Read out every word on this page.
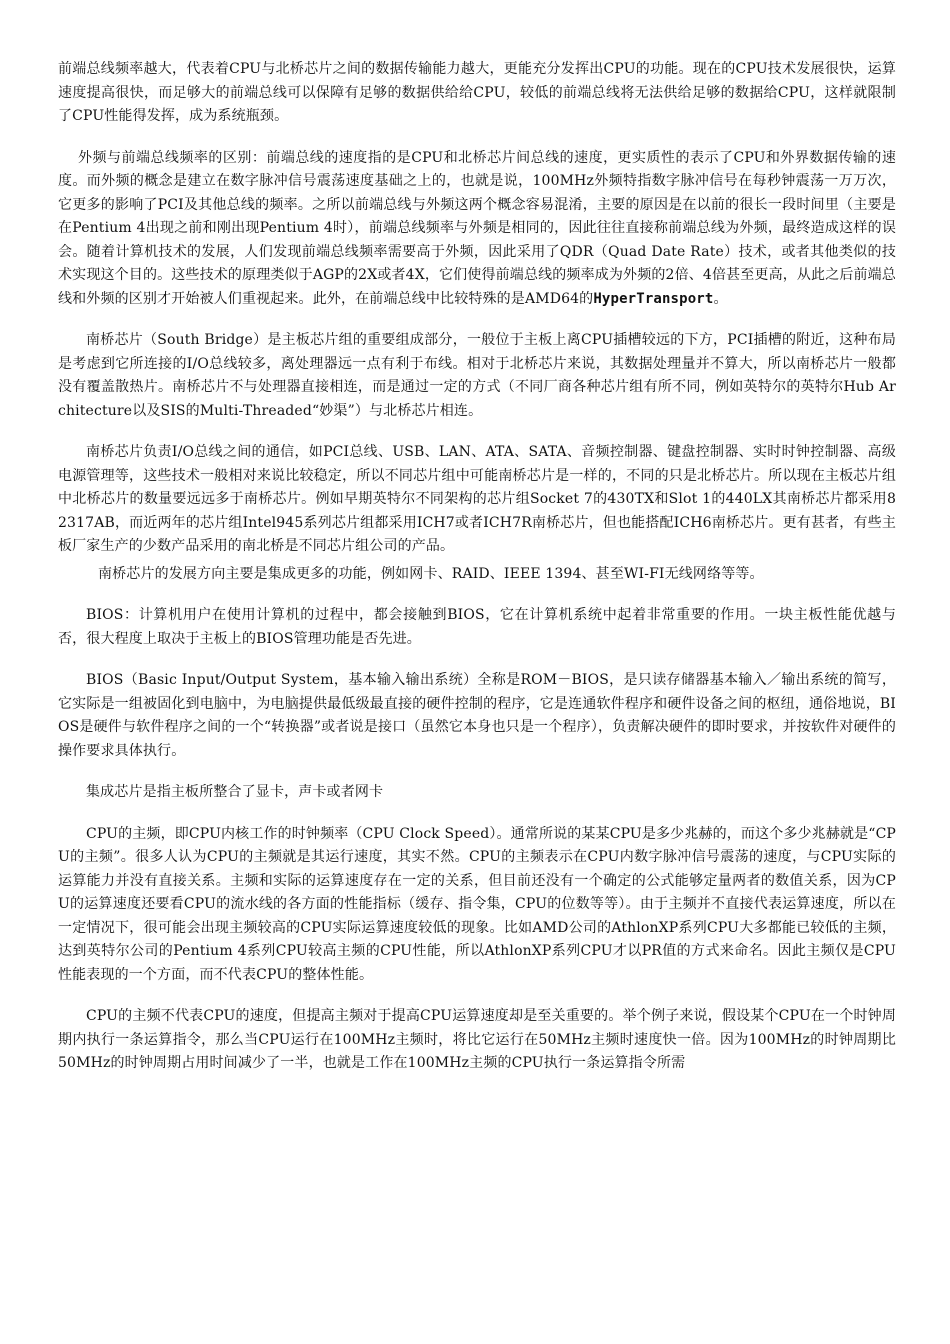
前端总线频率越大，代表着CPU与北桥芯片之间的数据传输能力越大，更能充分发挥出CPU的功能。现在的CPU技术发展很快，运算速度提高很快，而足够大的前端总线可以保障有足够的数据供给给CPU，较低的前端总线将无法供给足够的数据给CPU，这样就限制了CPU性能得发挥，成为系统瓶颈。

外频与前端总线频率的区别：前端总线的速度指的是CPU和北桥芯片间总线的速度，更实质性的表示了CPU和外界数据传输的速度。而外频的概念是建立在数字脉冲信号震荡速度基础之上的，也就是说，100MHz外频特指数字脉冲信号在每秒钟震荡一万万次，它更多的影响了PCI及其他总线的频率。之所以前端总线与外频这两个概念容易混淆，主要的原因是在以前的很长一段时间里（主要是在Pentium 4出现之前和刚出现Pentium 4时），前端总线频率与外频是相同的，因此往往直接称前端总线为外频，最终造成这样的误会。随着计算机技术的发展，人们发现前端总线频率需要高于外频，因此采用了QDR（Quad Date Rate）技术，或者其他类似的技术实现这个目的。这些技术的原理类似于AGP的2X或者4X，它们使得前端总线的频率成为外频的2倍、4倍甚至更高，从此之后前端总线和外频的区别才开始被人们重视起来。此外，在前端总线中比较特殊的是AMD64的HyperTransport。

南桥芯片（South Bridge）是主板芯片组的重要组成部分，一般位于主板上离CPU插槽较远的下方，PCI插槽的附近，这种布局是考虑到它所连接的I/O总线较多，离处理器远一点有利于布线。相对于北桥芯片来说，其数据处理量并不算大，所以南桥芯片一般都没有覆盖散热片。南桥芯片不与处理器直接相连，而是通过一定的方式（不同厂商各种芯片组有所不同，例如英特尔的英特尔Hub Architecture以及SIS的Multi-Threaded“妙渠”）与北桥芯片相连。

南桥芯片负责I/O总线之间的通信，如PCI总线、USB、LAN、ATA、SATA、音频控制器、键盘控制器、实时时钟控制器、高级电源管理等，这些技术一般相对来说比较稳定，所以不同芯片组中可能南桥芯片是一样的，不同的只是北桥芯片。所以现在主板芯片组中北桥芯片的数量要远远多于南桥芯片。例如早期英特尔不同架构的芯片组Socket 7的430TX和Slot 1的440LX其南桥芯片都采用82317AB，而近两年的芯片组Intel945系列芯片组都采用ICH7或者ICH7R南桥芯片，但也能搭配ICH6南桥芯片。更有甚者，有些主板厂家生产的少数产品采用的南北桥是不同芯片组公司的产品。

南桥芯片的发展方向主要是集成更多的功能，例如网卡、RAID、IEEE 1394、甚至WI-FI无线网络等等。

BIOS：计算机用户在使用计算机的过程中，都会接触到BIOS，它在计算机系统中起着非常重要的作用。一块主板性能优越与否，很大程度上取决于主板上的BIOS管理功能是否先进。

BIOS（Basic Input/Output System，基本输入输出系统）全称是ROM－BIOS，是只读存储器基本输入／输出系统的简写，它实际是一组被固化到电脑中，为电脑提供最低级最直接的硬件控制的程序，它是连通软件程序和硬件设备之间的枢纽，通俗地说，BIOS是硬件与软件程序之间的一个“转换器”或者说是接口（虽然它本身也只是一个程序），负责解决硬件的即时要求，并按软件对硬件的操作要求具体执行。

集成芯片是指主板所整合了显卡，声卡或者网卡

CPU的主频，即CPU内核工作的时钟频率（CPU Clock Speed）。通常所说的某某CPU是多少兆赫的，而这个多少兆赫就是“CPU的主频”。很多人认为CPU的主频就是其运行速度，其实不然。CPU的主频表示在CPU内数字脉冲信号震荡的速度，与CPU实际的运算能力并没有直接关系。主频和实际的运算速度存在一定的关系，但目前还没有一个确定的公式能够定量两者的数值关系，因为CPU的运算速度还要看CPU的流水线的各方面的性能指标（缓存、指令集，CPU的位数等等）。由于主频并不直接代表运算速度，所以在一定情况下，很可能会出现主频较高的CPU实际运算速度较低的现象。比如AMD公司的AthlonXP系列CPU大多都能已较低的主频，达到英特尔公司的Pentium 4系列CPU较高主频的CPU性能，所以AthlonXP系列CPU才以PR值的方式来命名。因此主频仅是CPU性能表现的一个方面，而不代表CPU的整体性能。

CPU的主频不代表CPU的速度，但提高主频对于提高CPU运算速度却是至关重要的。举个例子来说，假设某个CPU在一个时钟周期内执行一条运算指令，那么当CPU运行在100MHz主频时，将比它运行在50MHz主频时速度快一倍。因为100MHz的时钟周期比50MHz的时钟周期占用时间减少了一半，也就是工作在100MHz主频的CPU执行一条运算指令所需
